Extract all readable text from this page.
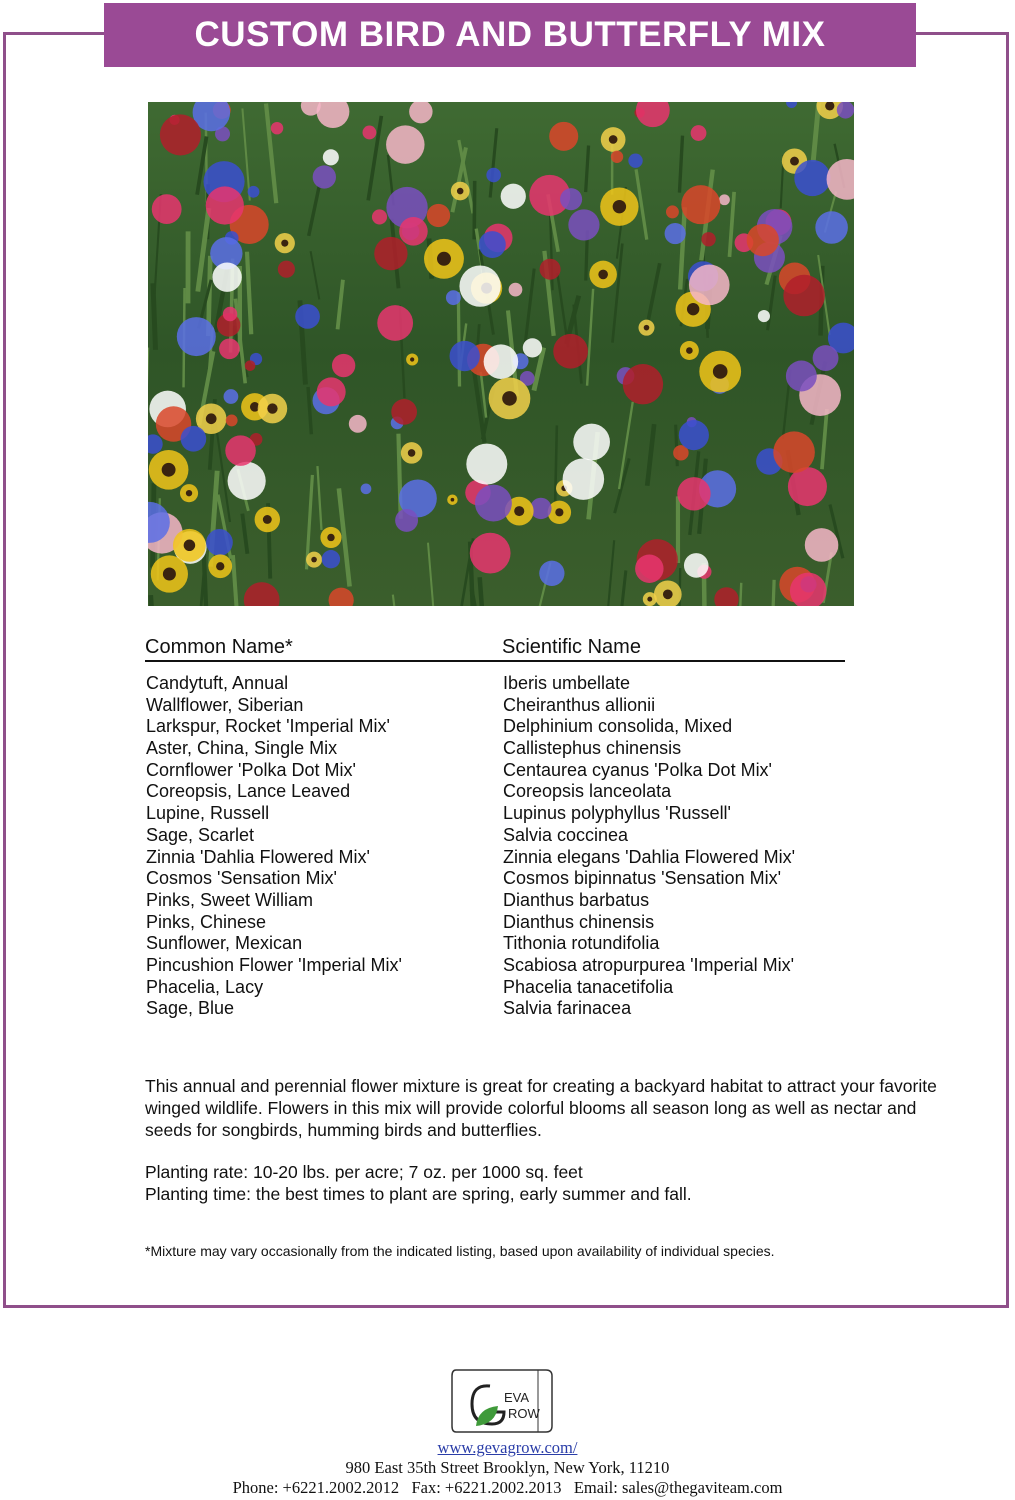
CUSTOM BIRD AND BUTTERFLY MIX
Common Name*	Scientific Name
Candytuft, Annual	Iberis umbellate
Wallflower, Siberian	Cheiranthus allionii
Larkspur, Rocket 'Imperial Mix'	Delphinium consolida, Mixed
Aster, China, Single Mix	Callistephus chinensis
Cornflower 'Polka Dot Mix'	Centaurea cyanus 'Polka Dot Mix'
Coreopsis, Lance Leaved	Coreopsis lanceolata
Lupine, Russell	Lupinus polyphyllus 'Russell'
Sage, Scarlet	Salvia coccinea
Zinnia 'Dahlia Flowered Mix'	Zinnia elegans 'Dahlia Flowered Mix'
Cosmos 'Sensation Mix'	Cosmos bipinnatus 'Sensation Mix'
Pinks, Sweet William	Dianthus barbatus
Pinks, Chinese	Dianthus chinensis
Sunflower, Mexican	Tithonia rotundifolia
Pincushion Flower 'Imperial Mix'	Scabiosa atropurpurea 'Imperial Mix'
Phacelia, Lacy	Phacelia tanacetifolia
Sage, Blue	Salvia farinacea

This annual and perennial flower mixture is great for creating a backyard habitat to attract your favorite winged wildlife. Flowers in this mix will provide colorful blooms all season long as well as nectar and seeds for songbirds, humming birds and butterflies.

Planting rate: 10-20 lbs. per acre; 7 oz. per 1000 sq. feet
Planting time: the best times to plant are spring, early summer and fall.
*Mixture may vary occasionally from the indicated listing, based upon availability of individual species.
EVA
ROW
www.gevagrow.com/
980 East 35th Street Brooklyn, New York, 11210
Phone: +6221.2002.2012   Fax: +6221.2002.2013   Email: sales@thegaviteam.com
